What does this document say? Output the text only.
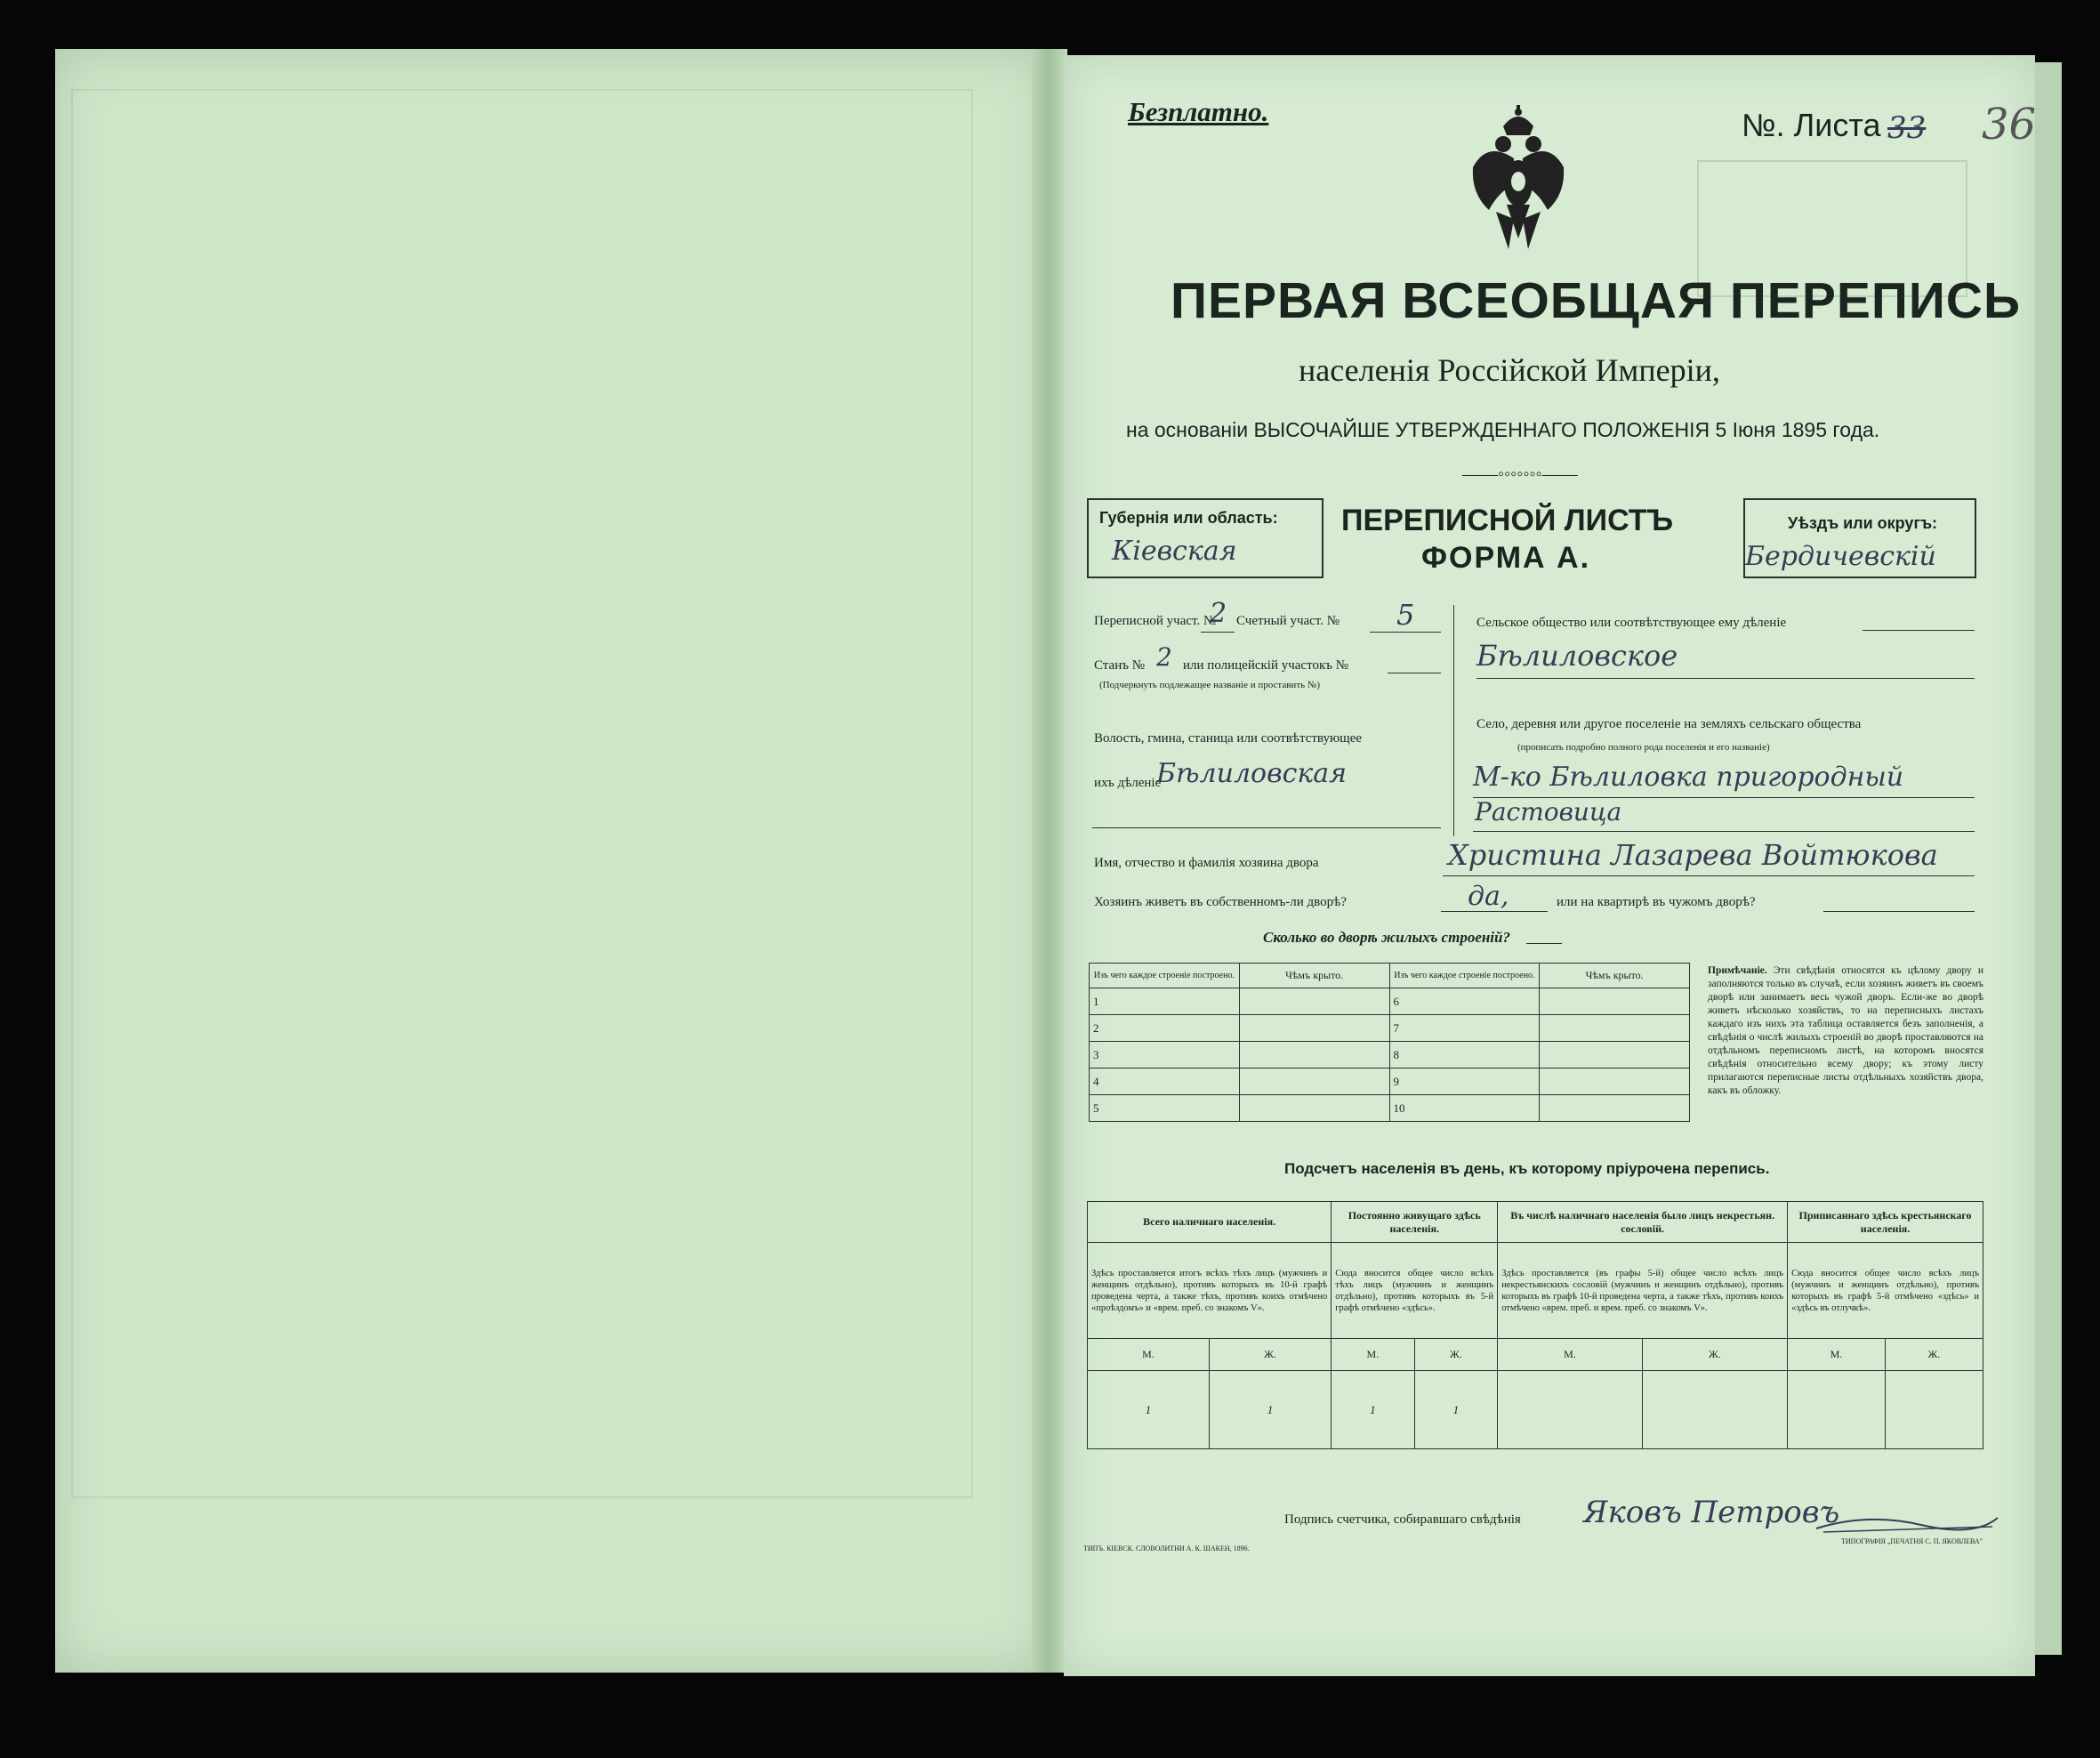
Безплатно.	№. Листа 33 36
ПЕРВАЯ ВСЕОБЩАЯ ПЕРЕПИСЬ
населенія Россійской Имперіи,
на основаніи ВЫСОЧАЙШЕ УТВЕРЖДЕННАГО ПОЛОЖЕНІЯ 5 Іюня 1895 года.
——◦◦◦◦◦◦◦——
Губернія или область:
Кіевская
ПЕРЕПИСНОЙ ЛИСТЪ
ФОРМА А.
Уѣздъ или округъ:
Бердичевскій
Переписной участ. №
2 Счетный участ. № 5
Станъ № 2 или полицейскій участокъ №
(Подчеркнуть подлежащее названіе и проставить №)
Волость, гмина, станица или соотвѣтствующее
ихъ дѣленіе
Бѣлиловская
Сельское общество или соотвѣтствующее ему дѣленіе
Бѣлиловское
Село, деревня или другое поселеніе на земляхъ сельскаго общества
(прописать подробно полного рода поселенія и его названіе)
М-ко Бѣлиловка пригородный
Растовица
Имя, отчество и фамилія хозяина двора	Христина Лазарева Войтюкова
Хозяинъ живетъ въ собственномъ-ли дворѣ?	да,	или на квартирѣ въ чужомъ дворѣ?
Сколько во дворѣ жилыхъ строеній?
Изъ чего каждое строеніе построено.	Чѣмъ крыто.	Изъ чего каждое строеніе построено.	Чѣмъ крыто.
1		6	
2		7	
3		8	
4		9	
5		10	
Примѣчаніе. Эти свѣдѣнія относятся къ цѣлому двору и заполняются только въ случаѣ, если хозяинъ живетъ въ своемъ дворѣ или занимаетъ весь чужой дворъ. Если-же во дворѣ живетъ нѣсколько хозяйствъ, то на переписныхъ листахъ каждаго изъ нихъ эта таблица оставляется безъ заполненія, а свѣдѣнія о числѣ жилыхъ строеній во дворѣ проставляются на отдѣльномъ переписномъ листѣ, на которомъ вносятся свѣдѣнія относительно всему двору; къ этому листу прилагаются переписные листы отдѣльныхъ хозяйствъ двора, какъ въ обложку.
Подсчетъ населенія въ день, къ которому пріурочена перепись.
Всего наличнаго населенія.		Постоянно живущаго здѣсь населенія.		Въ числѣ наличнаго населенія было лицъ некрестьян. сословій.		Приписаннаго здѣсь крестьянскаго населенія.	
Здѣсь проставляется итогъ всѣхъ тѣхъ лицъ (мужчинъ и женщинъ отдѣльно), противъ которыхъ въ 10-й графѣ проведена черта, а также тѣхъ, противъ коихъ отмѣчено «проѣздомъ» и «врем. преб. со знакомъ V».		Сюда вносится общее число всѣхъ тѣхъ лицъ (мужчинъ и женщинъ отдѣльно), противъ которыхъ въ 5-й графѣ отмѣчено «здѣсь».		Здѣсь проставляется (въ графы 5-й) общее число всѣхъ лицъ некрестьянскихъ сословій (мужчинъ и женщинъ отдѣльно), противъ которыхъ въ графѣ 10-й проведена черта, а также тѣхъ, противъ коихъ отмѣчено «врем. преб. и врем. преб. со знакомъ V».		Сюда вносится общее число всѣхъ лицъ (мужчинъ и женщинъ отдѣльно), противъ которыхъ въ графѣ 5-й отмѣчено «здѣсь» и «здѣсь въ отлучкѣ».	
М.	Ж.	М.	Ж.	М.	Ж.	М.	Ж.
1	1	1	1				
Подпись счетчика, собиравшаго свѣдѣнія Яковъ Петровъ
ТИПЪ. КІЕВСК. СЛОВОЛИТНИ А. К. ШАКЕН, 1896.
ТИПОГРАФІЯ „ПЕЧАТНЯ С. П. ЯКОВЛЕВА"
